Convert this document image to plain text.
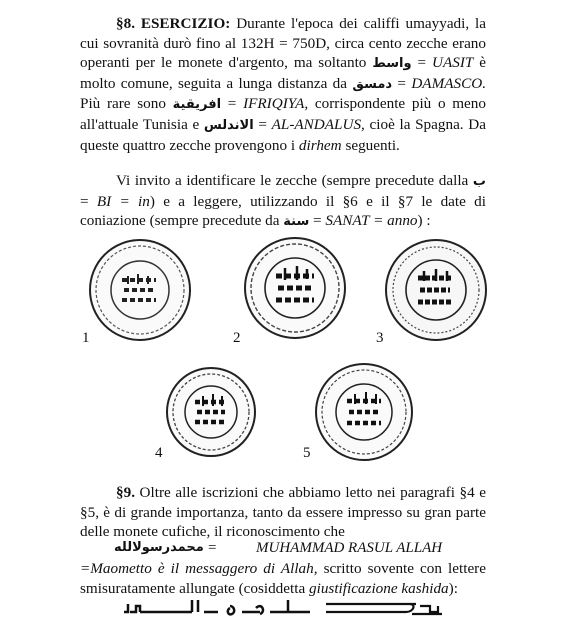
§8. ESERCIZIO: Durante l'epoca dei califfi umayyadi, la cui sovranità durò fino al 132H = 750D, circa cento zecche erano operanti per le monete d'argento, ma soltanto واسط = UASIT è molto comune, seguita a lunga distanza da دمسق = DAMASCO. Più rare sono افريقية = IFRIQIYA, corrispondente più o meno all'attuale Tunisia e الاندلس = AL-ANDALUS, cioè la Spagna. Da queste quattro zecche provengono i dirhem seguenti.

Vi invito a identificare le zecche (sempre precedute dalla ب = BI = in) e a leggere, utilizzando il §6 e il §7 le date di coniazione (sempre precedute da سنة = SANAT = anno) :

1	2	3
4	5

§9. Oltre alle iscrizioni che abbiamo letto nei paragrafi §4 e §5, è di grande importanza, tanto da essere impresso su gran parte delle monete cufiche, il riconoscimento che

محمدرسولالله =	MUHAMMAD RASUL ALLAH

=Maometto è il messaggero di Allah, scritto sovente con lettere smisuratamente allungate (cosiddetta giustificazione kashida):
